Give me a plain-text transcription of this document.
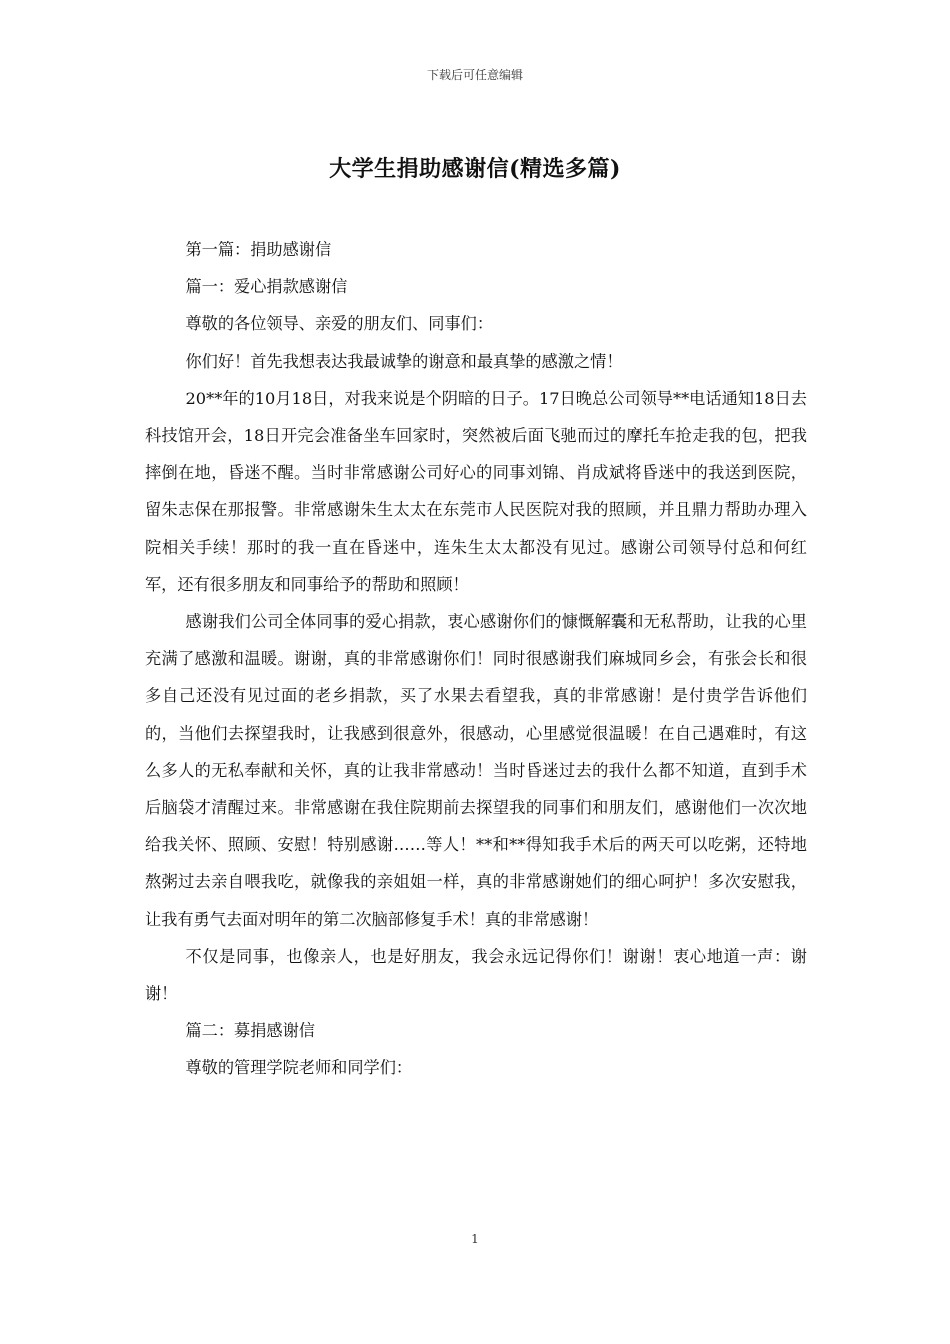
下载后可任意编辑
大学生捐助感谢信(精选多篇)

第一篇：捐助感谢信

篇一：爱心捐款感谢信

尊敬的各位领导、亲爱的朋友们、同事们：

你们好！首先我想表达我最诚挚的谢意和最真挚的感激之情！

20**年的10月18日，对我来说是个阴暗的日子。17日晚总公司领导**电话通知18日去科技馆开会，18日开完会准备坐车回家时，突然被后面飞驰而过的摩托车抢走我的包，把我摔倒在地，昏迷不醒。当时非常感谢公司好心的同事刘锦、肖成斌将昏迷中的我送到医院，留朱志保在那报警。非常感谢朱生太太在东莞市人民医院对我的照顾，并且鼎力帮助办理入院相关手续！那时的我一直在昏迷中，连朱生太太都没有见过。感谢公司领导付总和何红军，还有很多朋友和同事给予的帮助和照顾！

感谢我们公司全体同事的爱心捐款，衷心感谢你们的慷慨解囊和无私帮助，让我的心里充满了感激和温暖。谢谢，真的非常感谢你们！同时很感谢我们麻城同乡会，有张会长和很多自己还没有见过面的老乡捐款，买了水果去看望我，真的非常感谢！是付贵学告诉他们的，当他们去探望我时，让我感到很意外，很感动，心里感觉很温暖！在自己遇难时，有这么多人的无私奉献和关怀，真的让我非常感动！当时昏迷过去的我什么都不知道，直到手术后脑袋才清醒过来。非常感谢在我住院期前去探望我的同事们和朋友们，感谢他们一次次地给我关怀、照顾、安慰！特别感谢……等人！**和**得知我手术后的两天可以吃粥，还特地熬粥过去亲自喂我吃，就像我的亲姐姐一样，真的非常感谢她们的细心呵护！多次安慰我，让我有勇气去面对明年的第二次脑部修复手术！真的非常感谢！

不仅是同事，也像亲人，也是好朋友，我会永远记得你们！谢谢！衷心地道一声：谢谢！

篇二：募捐感谢信

尊敬的管理学院老师和同学们：

1
